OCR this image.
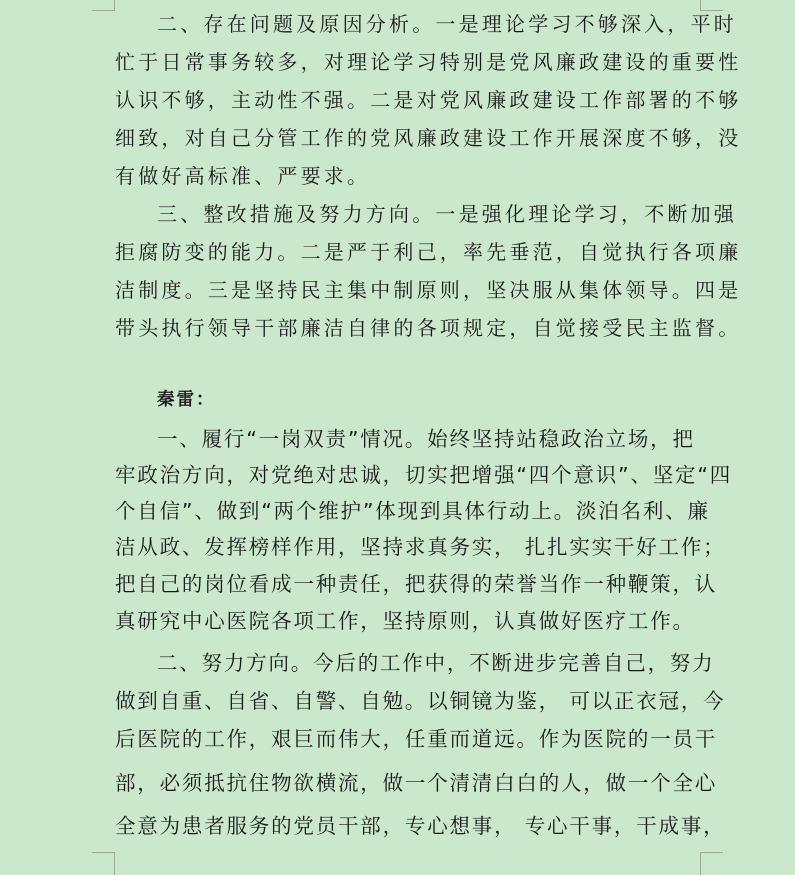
二、存在问题及原因分析。一是理论学习不够深入，平时
忙于日常事务较多，对理论学习特别是党风廉政建设的重要性
认识不够，主动性不强。二是对党风廉政建设工作部署的不够
细致，对自己分管工作的党风廉政建设工作开展深度不够，没
有做好高标准、严要求。
三、整改措施及努力方向。一是强化理论学习，不断加强
拒腐防变的能力。二是严于利己，率先垂范，自觉执行各项廉
洁制度。三是坚持民主集中制原则，坚决服从集体领导。四是
带头执行领导干部廉洁自律的各项规定，自觉接受民主监督。
秦雷：
一、履行“一岗双责”情况。始终坚持站稳政治立场，把
牢政治方向，对党绝对忠诚，切实把增强“四个意识”、坚定“四
个自信”、做到“两个维护”体现到具体行动上。淡泊名利、廉
洁从政、发挥榜样作用，坚持求真务实， 扎扎实实干好工作；
把自己的岗位看成一种责任，把获得的荣誉当作一种鞭策，认
真研究中心医院各项工作，坚持原则，认真做好医疗工作。
二、努力方向。今后的工作中，不断进步完善自己，努力
做到自重、自省、自警、自勉。以铜镜为鉴， 可以正衣冠，今
后医院的工作，艰巨而伟大，任重而道远。作为医院的一员干
部，必须抵抗住物欲横流，做一个清清白白的人，做一个全心
全意为患者服务的党员干部，专心想事， 专心干事，干成事，
